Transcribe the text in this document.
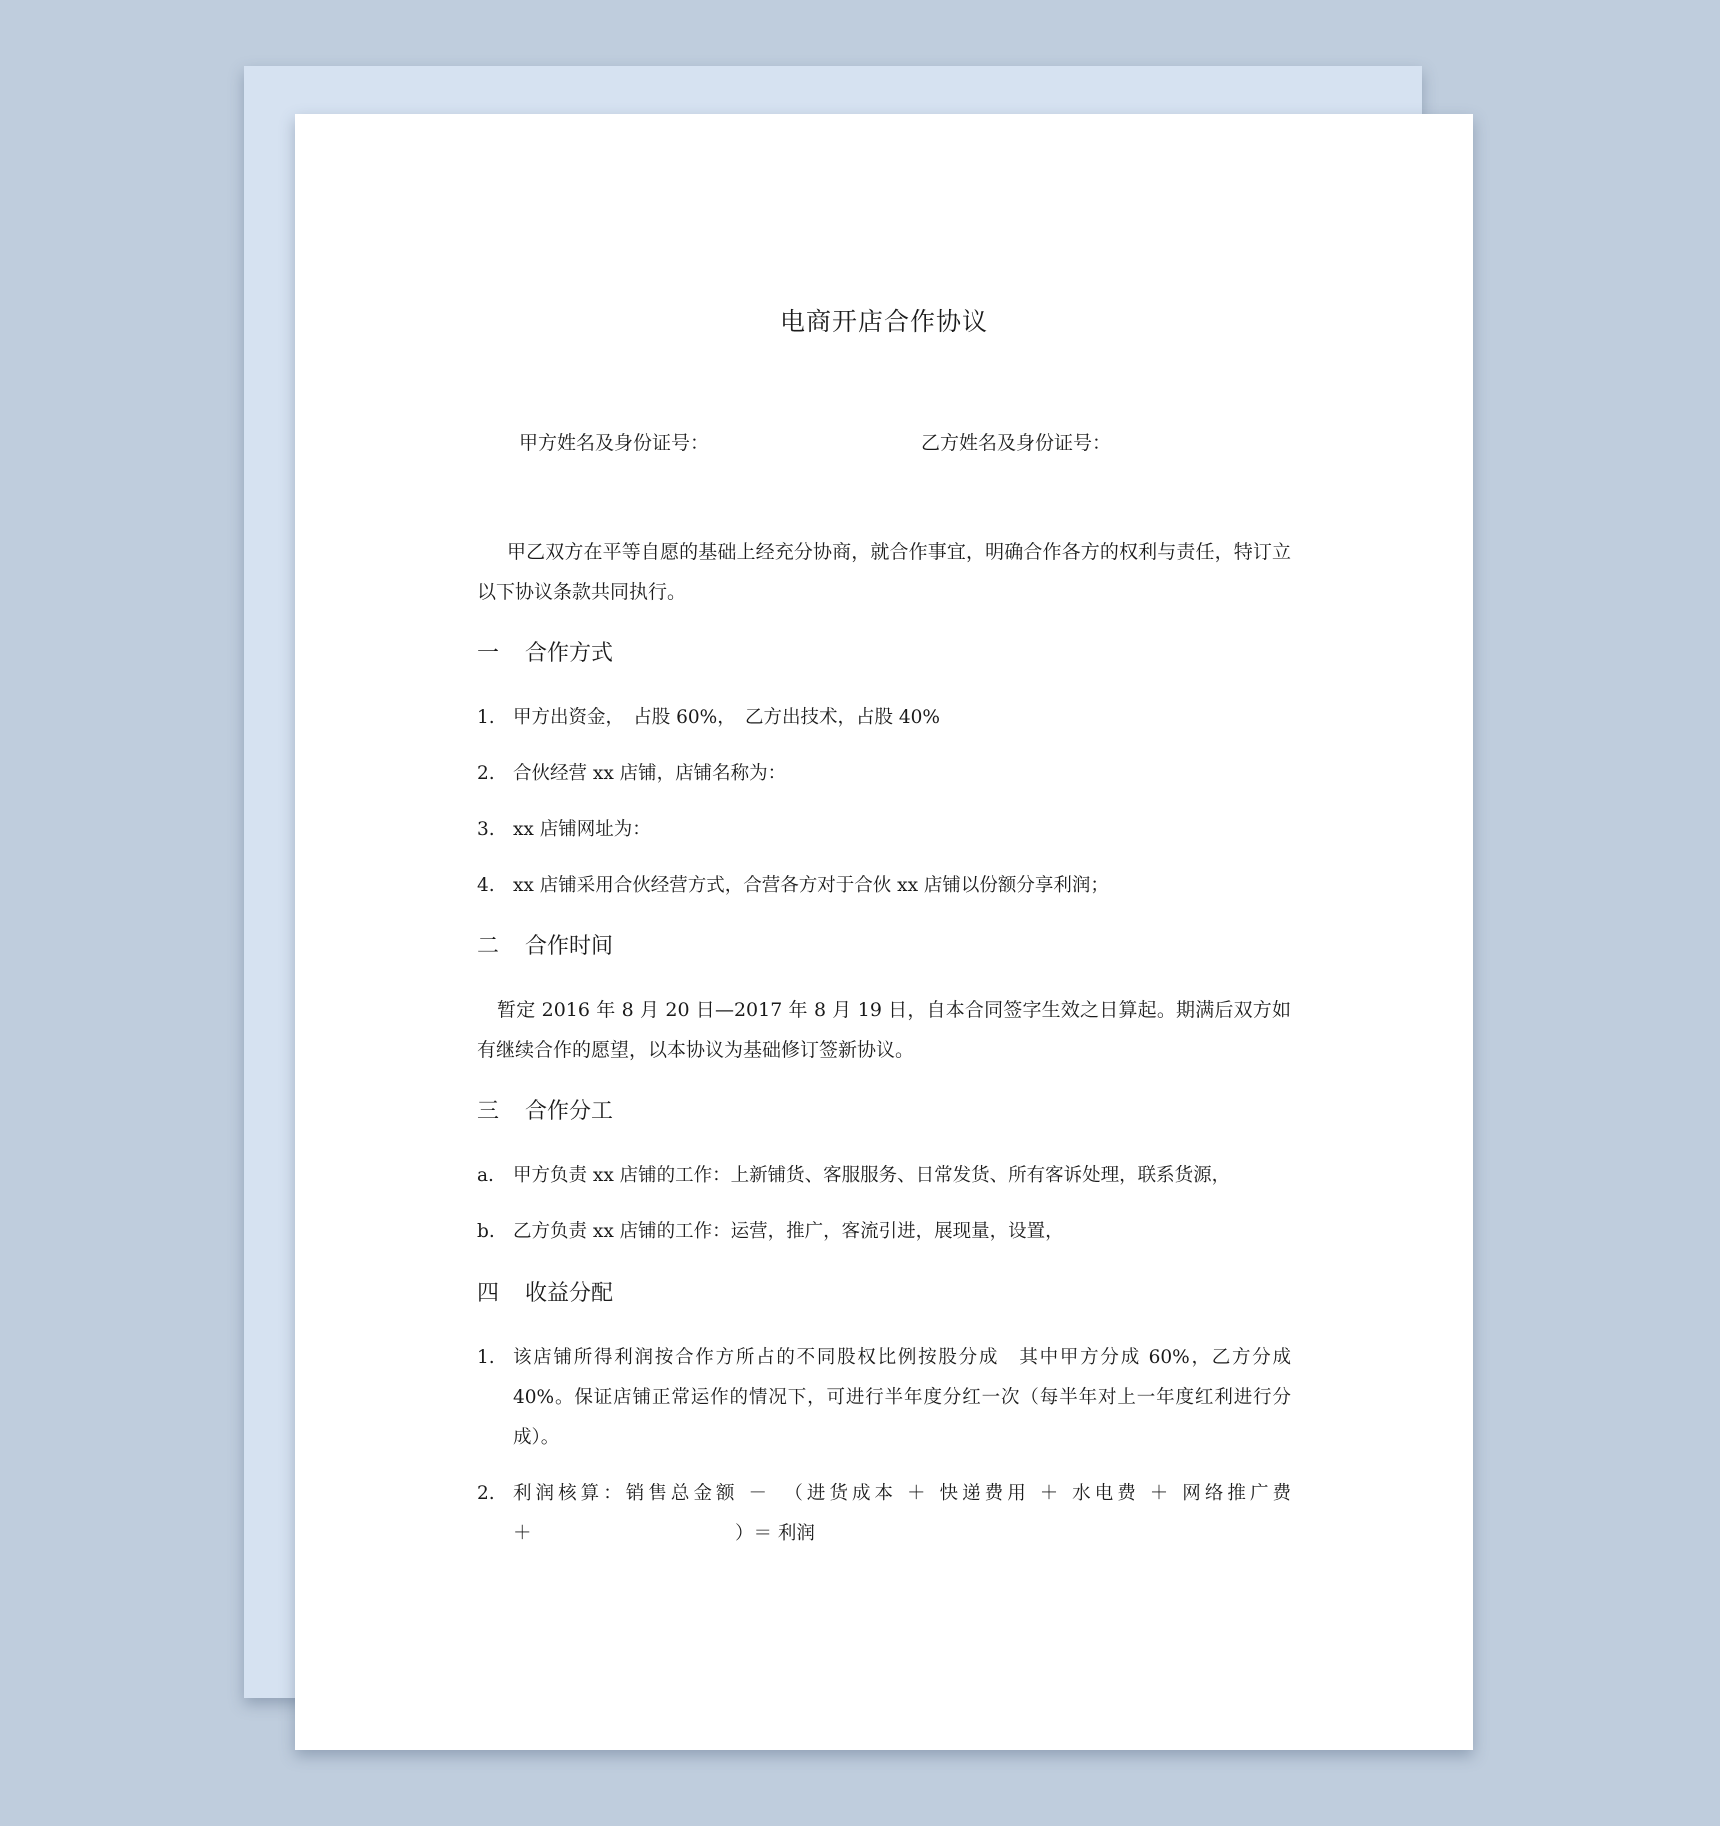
电商开店合作协议
甲方姓名及身份证号：	乙方姓名及身份证号：

甲乙双方在平等自愿的基础上经充分协商，就合作事宜，明确合作各方的权利与责任，特订立以下协议条款共同执行。

一 合作方式
1. 甲方出资金，　占股 60%，　乙方出技术，占股 40%
2. 合伙经营 xx 店铺，店铺名称为：
3. xx 店铺网址为：
4. xx 店铺采用合伙经营方式，合营各方对于合伙 xx 店铺以份额分享利润；
二 合作时间

暂定 2016 年 8 月 20 日—2017 年 8 月 19 日，自本合同签字生效之日算起。期满后双方如有继续合作的愿望，以本协议为基础修订签新协议。

三 合作分工
a. 甲方负责 xx 店铺的工作：上新铺货、客服服务、日常发货、所有客诉处理，联系货源，
b. 乙方负责 xx 店铺的工作：运营，推广，客流引进，展现量，设置，
四 收益分配
1. 该店铺所得利润按合作方所占的不同股权比例按股分成　其中甲方分成 60%，乙方分成 40%。保证店铺正常运作的情况下，可进行半年度分红一次（每半年对上一年度红利进行分成）。
2. 利润核算：销售总金额 －　（进货成本 ＋ 快递费用 ＋ 水电费 ＋ 网络推广费 ＋　　　　　　　　　　　）＝ 利润
